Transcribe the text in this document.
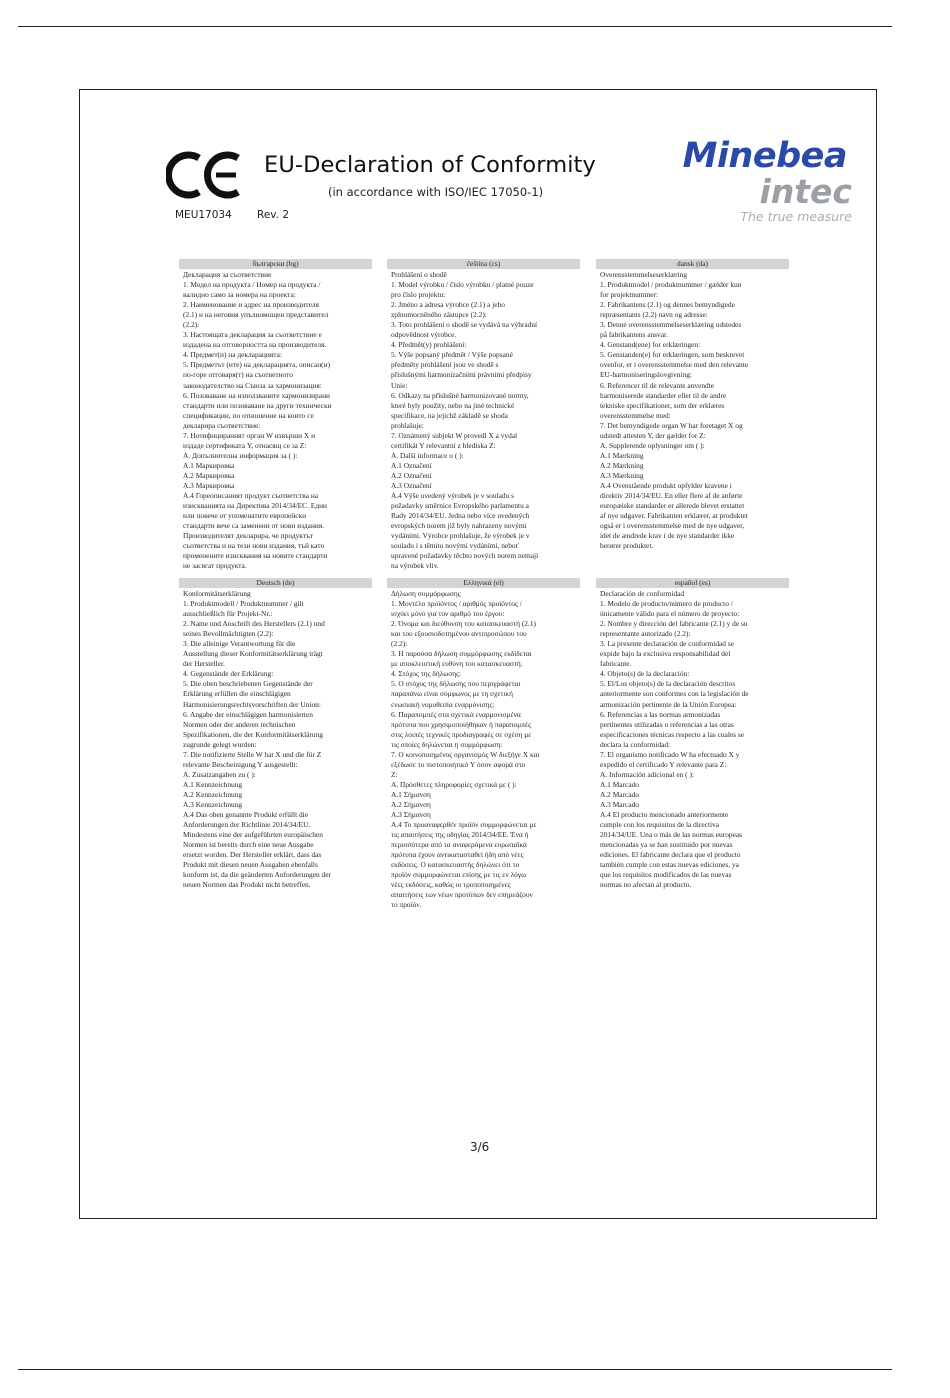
EU-Declaration of Conformity
(in accordance with ISO/IEC 17050-1)
MEU17034 Rev. 2
Minebea
intec
The true measure
български (bg)
Декларация за съответствие
1. Модел на продукта / Номер на продукта /
валидно само за номера на проекта:
2. Наименование и адрес на производителя
(2.1) и на неговия упълномощен представител
(2.2):
3. Настоящата декларация за съответствие е
издадена на отговорността на производителя.
4. Предмет(и) на декларацията:
5. Предметът (ите) на декларацията, описан(и)
по-горе отговаря(т) на съответното
законодателство на Съюза за хармонизация:
6. Позоваване на използваните хармонизирани
стандарти или позоваване на други технически
спецификации, по отношение на които се
декларира съответствие:
7. Нотифицираният орган W извърши X и
издаде сертификата Y, отнасящ се за Z:
A. Допълнителна информация за ( ):
A.1 Маркировка
A.2 Маркировка
A.3 Маркировка
A.4 Гореописаният продукт съответства на
изискванията на Директива 2014/34/ЕС. Един
или повече от упоменатите европейски
стандарти вече са заменени от нови издания.
Производителят декларира, че продуктът
съответства и на тези нови издания, тъй като
променените изисквания на новите стандарти
не засягат продукта.
čeština (cs)
Prohlášení o shodě
1. Model výrobku / číslo výrobku / platné pouze
pro číslo projektu:
2. Jméno a adresa výrobce (2.1) a jeho
zplnomocněného zástupce (2.2):
3. Toto prohlášení o shodě se vydává na výhradní
odpovědnost výrobce.
4. Předmět(y) prohlášení:
5. Výše popsaný předmět / Výše popsané
předměty prohlášení jsou ve shodě s
příslušnými harmonizačními právními předpisy
Unie:
6. Odkazy na příslušné harmonizované normy,
které byly použity, nebo na jiné technické
specifikace, na jejichž základě se shoda
prohlašuje:
7. Oznámený subjekt W provedl X a vydal
certifikát Y relevantní z hlediska Z:
A. Další informace o ( ):
A.1 Označení
A.2 Označení
A.3 Označení
A.4 Výše uvedený výrobek je v souladu s
požadavky směrnice Evropského parlamentu a
Rady 2014/34/EU. Jedna nebo více uvedených
evropských norem již byly nahrazeny novými
vydáními. Výrobce prohlašuje, že výrobek je v
souladu i s těmito novými vydáními, neboť
upravené požadavky těchto nových norem nemají
na výrobek vliv.
dansk (da)
Overensstemmelseserklæring
1. Produktmodel / produktnummer / gælder kun
for projektnummer:
2. Fabrikantens (2.1) og dennes bemyndigede
repræsentants (2.2) navn og adresse:
3. Denne overensstemmelseserklæring udstedes
på fabrikantens ansvar.
4. Genstand(ene) for erklæringen:
5. Genstanden(e) for erklæringen, som beskrevet
ovenfor, er i overensstemmelse med den relevante
EU-harmoniseringslovgivning:
6. Referencer til de relevante anvendte
harmoniserede standarder eller til de andre
tekniske specifikationer, som der erklæres
overensstemmelse med:
7. Det bemyndigede organ W har foretaget X og
udstedt attesten Y, der gælder for Z:
A. Supplerende oplysninger om ( ):
A.1 Mærkning
A.2 Mærkning
A.3 Mærkning
A.4 Ovenstående produkt opfylder kravene i
direktiv 2014/34/EU. En eller flere af de anførte
europæiske standarder er allerede blevet erstattet
af nye udgaver. Fabrikanten erklærer, at produktet
også er i overensstemmelse med de nye udgaver,
idet de ændrede krav i de nye standarder ikke
berører produktet.
Deutsch (de)
Konformitätserklärung
1. Produktmodell / Produktnummer / gilt
ausschließlich für Projekt-Nr.:
2. Name und Anschrift des Herstellers (2.1) und
seines Bevollmächtigten (2.2):
3. Die alleinige Verantwortung für die
Ausstellung dieser Konformitätserklärung trägt
der Hersteller.
4. Gegenstände der Erklärung:
5. Die oben beschriebenen Gegenstände der
Erklärung erfüllen die einschlägigen
Harmonisierungsrechtsvorschriften der Union:
6. Angabe der einschlägigen harmonisierten
Normen oder der anderen technischen
Spezifikationen, die der Konformitätserklärung
zugrunde gelegt wurden:
7. Die notifizierte Stelle W hat X und die für Z
relevante Bescheinigung Y ausgestellt:
A. Zusatzangaben zu ( ):
A.1 Kennzeichnung
A.2 Kennzeichnung
A.3 Kennzeichnung
A.4 Das oben genannte Produkt erfüllt die
Anforderungen der Richtlinie 2014/34/EU.
Mindestens eine der aufgeführten europäischen
Normen ist bereits durch eine neue Ausgabe
ersetzt worden. Der Hersteller erklärt, dass das
Produkt mit diesen neuen Ausgaben ebenfalls
konform ist, da die geänderten Anforderungen der
neuen Normen das Produkt nicht betreffen.
Ελληνικά (el)
Δήλωση συμμόρφωσης
1. Μοντέλο προϊόντος / αριθμός προϊόντος /
ισχύει μόνο για τον αριθμό του έργου:
2. Όνομα και διεύθυνση του κατασκευαστή (2.1)
και του εξουσιοδοτημένου αντιπροσώπου του
(2.2):
3. Η παρούσα δήλωση συμμόρφωσης εκδίδεται
με αποκλειστική ευθύνη του κατασκευαστή.
4. Στόχος της δήλωσης:
5. Ο στόχος της δήλωσης που περιγράφεται
παραπάνω είναι σύμφωνος με τη σχετική
ενωσιακή νομοθεσία εναρμόνισης:
6. Παραπομπές στα σχετικά εναρμονισμένα
πρότυπα που χρησιμοποιήθηκαν ή παραπομπές
στις λοιπές τεχνικές προδιαγραφές σε σχέση με
τις οποίες δηλώνεται η συμμόρφωση:
7. Ο κοινοποιημένος οργανισμός W διεξήγε X και
εξέδωσε το πιστοποιητικό Y όσον αφορά στο
Z:
A. Πρόσθετες πληροφορίες σχετικά με ( ):
A.1 Σήμανση
A.2 Σήμανση
A.3 Σήμανση
A.4 Το προαναφερθέν προϊόν συμμορφώνεται με
τις απαιτήσεις της οδηγίας 2014/34/ΕΕ. Ένα ή
περισσότερα από τα αναφερόμενα ευρωπαϊκά
πρότυπα έχουν αντικατασταθεί ήδη από νέες
εκδόσεις. Ο κατασκευαστής δηλώνει ότι το
προϊόν συμμορφώνεται επίσης με τις εν λόγω
νέες εκδόσεις, καθώς οι τροποποιημένες
απαιτήσεις των νέων προτύπων δεν επηρεάζουν
το προϊόν.
español (es)
Declaración de conformidad
1. Modelo de producto/número de producto /
únicamente válido para el número de proyecto:
2. Nombre y dirección del fabricante (2.1) y de su
representante autorizado (2.2):
3. La presente declaración de conformidad se
expide bajo la exclusiva responsabilidad del
fabricante.
4. Objeto(s) de la declaración:
5. El/Los objeto(s) de la declaración descritos
anteriormente son conformes con la legislación de
armonización pertinente de la Unión Europea:
6. Referencias a las normas armonizadas
pertinentes utilizadas o referencias a las otras
especificaciones técnicas respecto a las cuales se
declara la conformidad:
7. El organismo notificado W ha efectuado X y
expedido el certificado Y relevante para Z:
A. Información adicional en ( ):
A.1 Marcado
A.2 Marcado
A.3 Marcado
A.4 El producto mencionado anteriormente
cumple con los requisitos de la directiva
2014/34/UE. Una o más de las normas europeas
mencionadas ya se han sustituido por nuevas
ediciones. El fabricante declara que el producto
también cumple con estas nuevas ediciones, ya
que los requisitos modificados de las nuevas
normas no afectan al producto.
3/6
